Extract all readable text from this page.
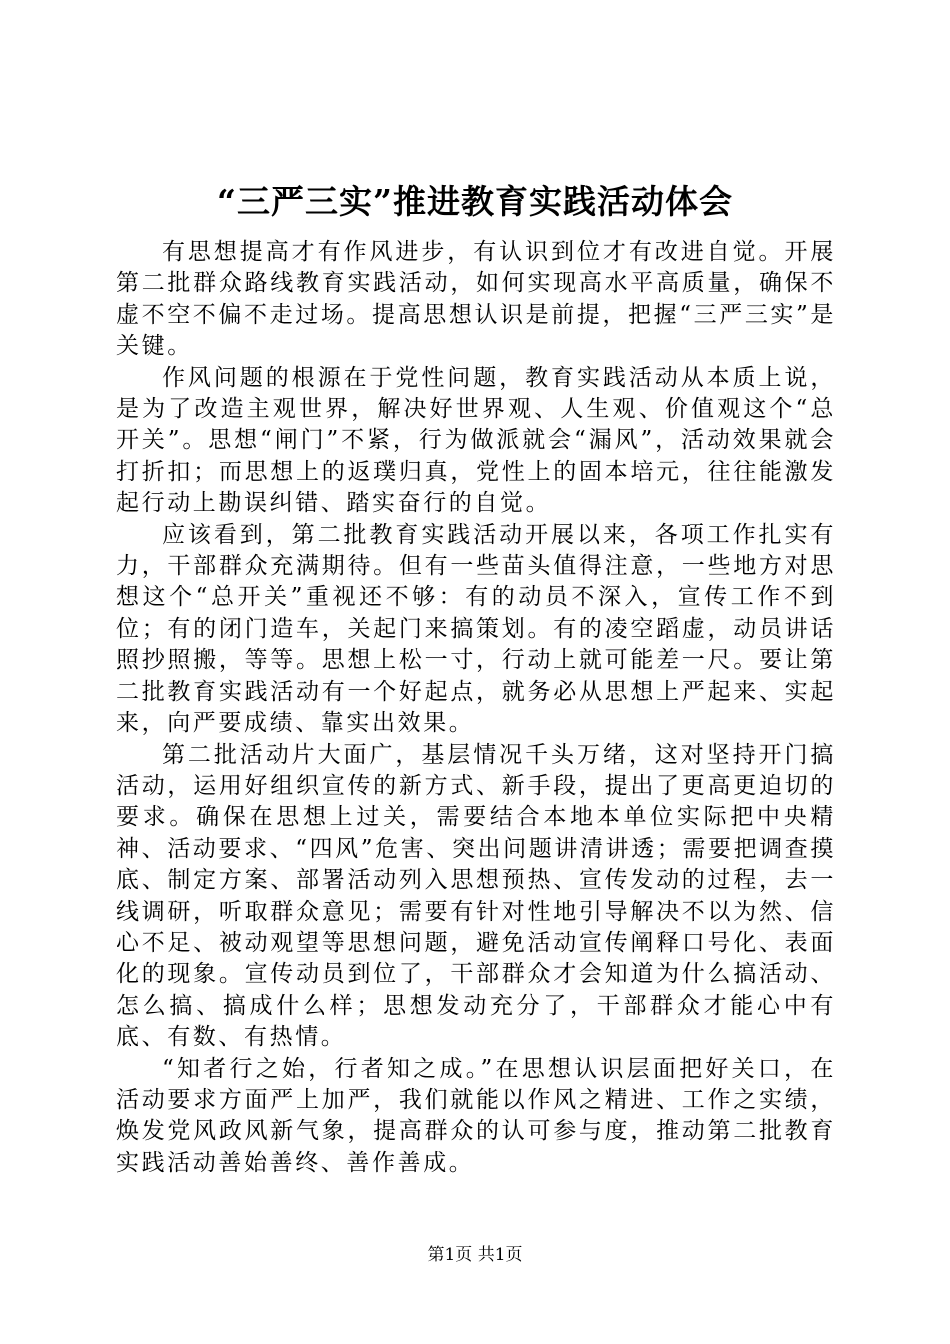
“三严三实”推进教育实践活动体会

有思想提高才有作风进步，有认识到位才有改进自觉。开展第二批群众路线教育实践活动，如何实现高水平高质量，确保不虚不空不偏不走过场。提高思想认识是前提，把握“三严三实”是关键。

作风问题的根源在于党性问题，教育实践活动从本质上说，是为了改造主观世界，解决好世界观、人生观、价值观这个“总开关”。思想“闸门”不紧，行为做派就会“漏风”，活动效果就会打折扣；而思想上的返璞归真，党性上的固本培元，往往能激发起行动上勘误纠错、踏实奋行的自觉。

应该看到，第二批教育实践活动开展以来，各项工作扎实有力，干部群众充满期待。但有一些苗头值得注意，一些地方对思想这个“总开关”重视还不够：有的动员不深入，宣传工作不到位；有的闭门造车，关起门来搞策划。有的凌空蹈虚，动员讲话照抄照搬，等等。思想上松一寸，行动上就可能差一尺。要让第二批教育实践活动有一个好起点，就务必从思想上严起来、实起来，向严要成绩、靠实出效果。

第二批活动片大面广，基层情况千头万绪，这对坚持开门搞活动，运用好组织宣传的新方式、新手段，提出了更高更迫切的要求。确保在思想上过关，需要结合本地本单位实际把中央精神、活动要求、“四风”危害、突出问题讲清讲透；需要把调查摸底、制定方案、部署活动列入思想预热、宣传发动的过程，去一线调研，听取群众意见；需要有针对性地引导解决不以为然、信心不足、被动观望等思想问题，避免活动宣传阐释口号化、表面化的现象。宣传动员到位了，干部群众才会知道为什么搞活动、怎么搞、搞成什么样；思想发动充分了，干部群众才能心中有底、有数、有热情。

“知者行之始，行者知之成。”在思想认识层面把好关口，在活动要求方面严上加严，我们就能以作风之精进、工作之实绩，焕发党风政风新气象，提高群众的认可参与度，推动第二批教育实践活动善始善终、善作善成。

第1页 共1页
